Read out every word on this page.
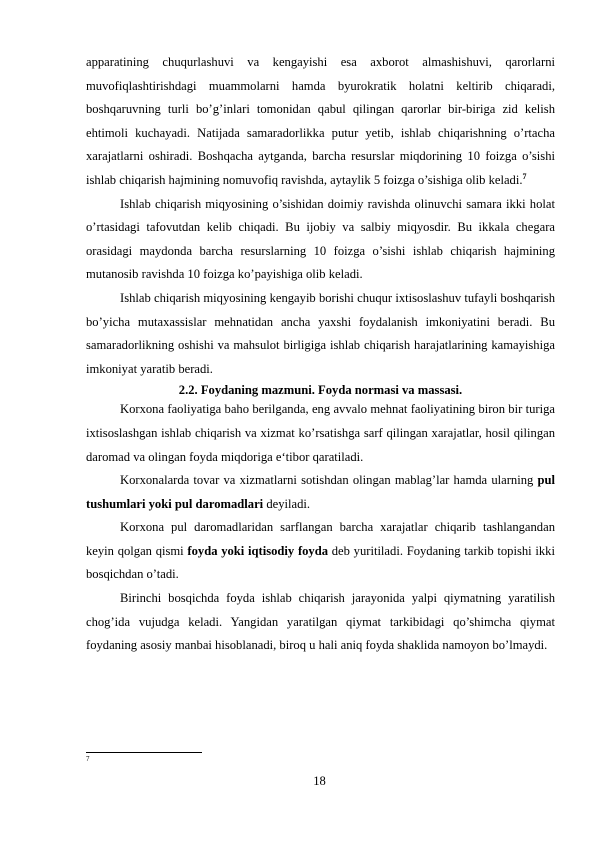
apparatining chuqurlashuvi va kengayishi esa axborot almashishuvi, qarorlarni muvofiqlashtirishdagi muammolarni hamda byurokratik holatni keltirib chiqaradi, boshqaruvning turli bo’g’inlari tomonidan qabul qilingan qarorlar bir-biriga zid kelish ehtimoli kuchayadi. Natijada samaradorlikka putur yetib, ishlab chiqarishning o’rtacha xarajatlarni oshiradi. Boshqacha aytganda, barcha resurslar miqdorining 10 foizga o’sishi ishlab chiqarish hajmining nomuvofiq ravishda, aytaylik 5 foizga o’sishiga olib keladi.$^7$

Ishlab chiqarish miqyosining o’sishidan doimiy ravishda olinuvchi samara ikki holat o’rtasidagi tafovutdan kelib chiqadi. Bu ijobiy va salbiy miqyosdir. Bu ikkala chegara orasidagi maydonda barcha resurslarning 10 foizga o’sishi ishlab chiqarish hajmining mutanosib ravishda 10 foizga ko’payishiga olib keladi.

Ishlab chiqarish miqyosining kengayib borishi chuqur ixtisoslashuv tufayli boshqarish bo’yicha mutaxassislar mehnatidan ancha yaxshi foydalanish imkoniyatini beradi. Bu samaradorlikning oshishi va mahsulot birligiga ishlab chiqarish harajatlarining kamayishiga imkoniyat yaratib beradi.

2.2. Foydaning mazmuni. Foyda normasi va massasi.

Korxona faoliyatiga baho berilganda, eng avvalo mehnat faoliyatining biron bir turiga ixtisoslashgan ishlab chiqarish va xizmat ko’rsatishga sarf qilingan xarajatlar, hosil qilingan daromad va olingan foyda miqdoriga e‘tibor qaratiladi.

Korxonalarda tovar va xizmatlarni sotishdan olingan mablag’lar hamda ularning pul tushumlari yoki pul daromadlari deyiladi.

Korxona pul daromadlaridan sarflangan barcha xarajatlar chiqarib tashlangandan keyin qolgan qismi foyda yoki iqtisodiy foyda deb yuritiladi. Foydaning tarkib topishi ikki bosqichdan o’tadi.

Birinchi bosqichda foyda ishlab chiqarish jarayonida yalpi qiymatning yaratilish chog’ida vujudga keladi. Yangidan yaratilgan qiymat tarkibidagi qo’shimcha qiymat foydaning asosiy manbai hisoblanadi, biroq u hali aniq foyda shaklida namoyon bo’lmaydi.

7
18
